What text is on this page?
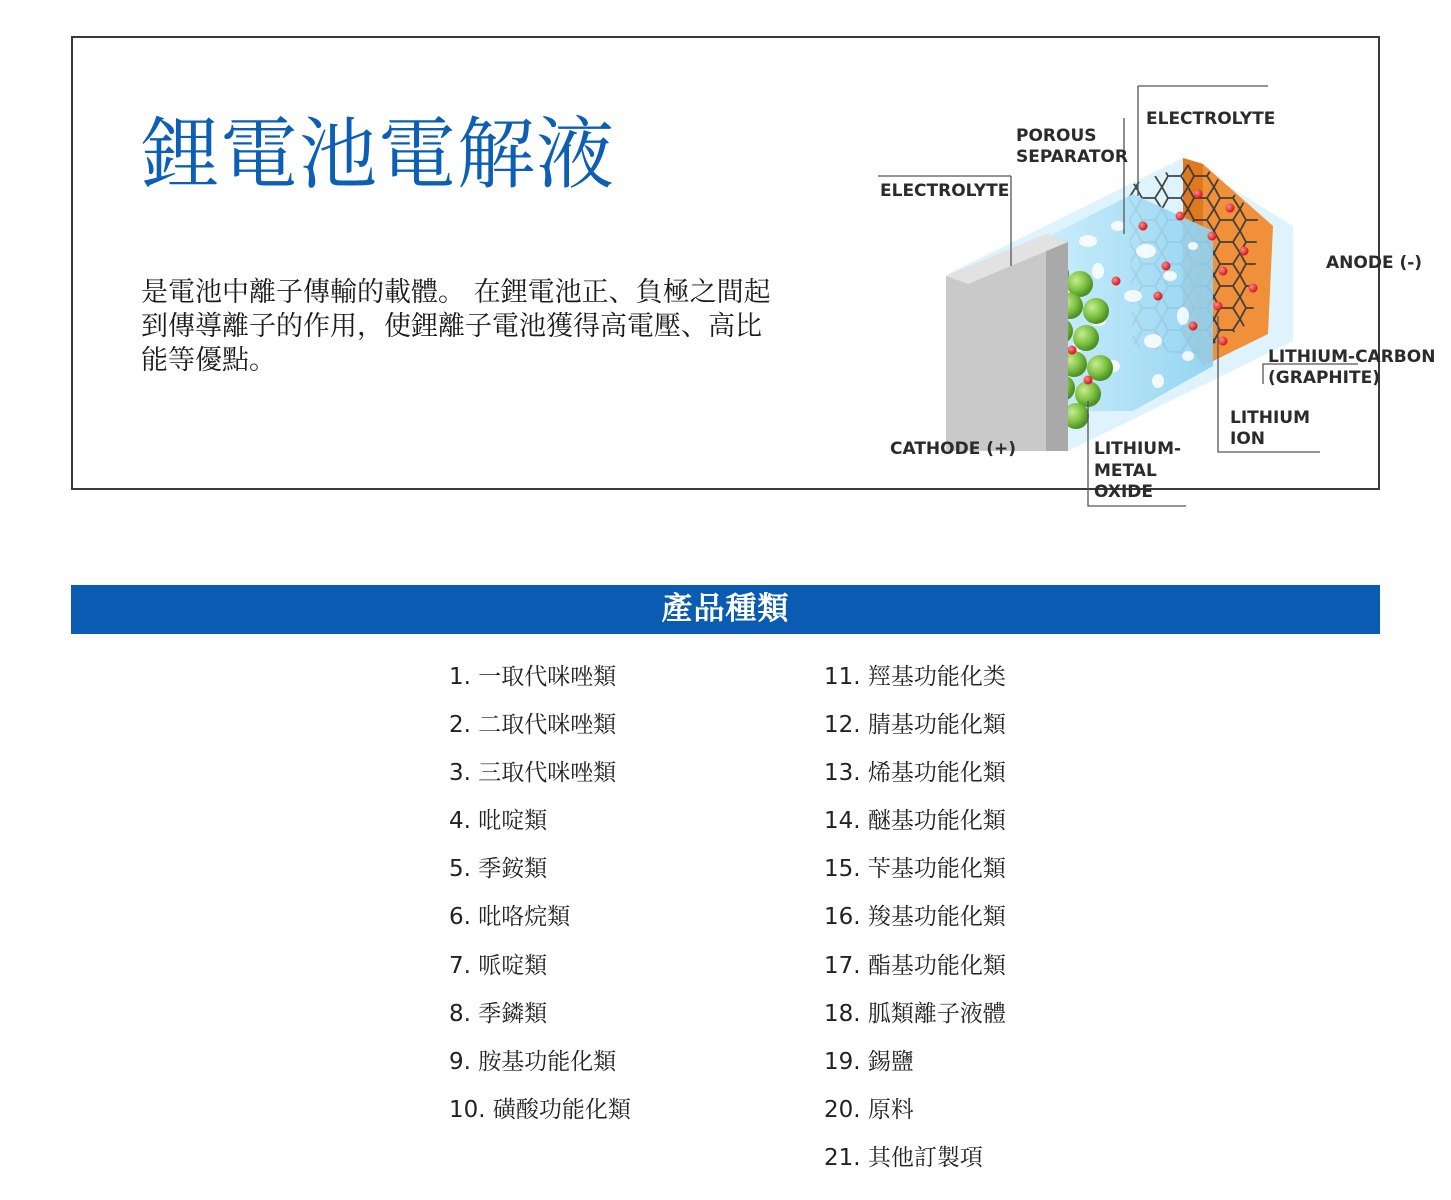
鋰電池電解液

是電池中離子傳輸的載體。 在鋰電池正、負極之間起到傳導離子的作用，使鋰離子電池獲得高電壓、高比能等優點。

ELECTROLYTE
POROUS
SEPARATOR
ELECTROLYTE
ANODE (-)
LITHIUM-CARBON
(GRAPHITE)
LITHIUM
ION
CATHODE (+)	LITHIUM-
METAL
OXIDE
產品種類
1. 一取代咪唑類
2. 二取代咪唑類
3. 三取代咪唑類
4. 吡啶類
5. 季銨類
6. 吡咯烷類
7. 哌啶類
8. 季鏻類
9. 胺基功能化類
10. 磺酸功能化類
11. 羥基功能化类
12. 腈基功能化類
13. 烯基功能化類
14. 醚基功能化類
15. 苄基功能化類
16. 羧基功能化類
17. 酯基功能化類
18. 胍類離子液體
19. 錫鹽
20. 原料
21. 其他訂製項
